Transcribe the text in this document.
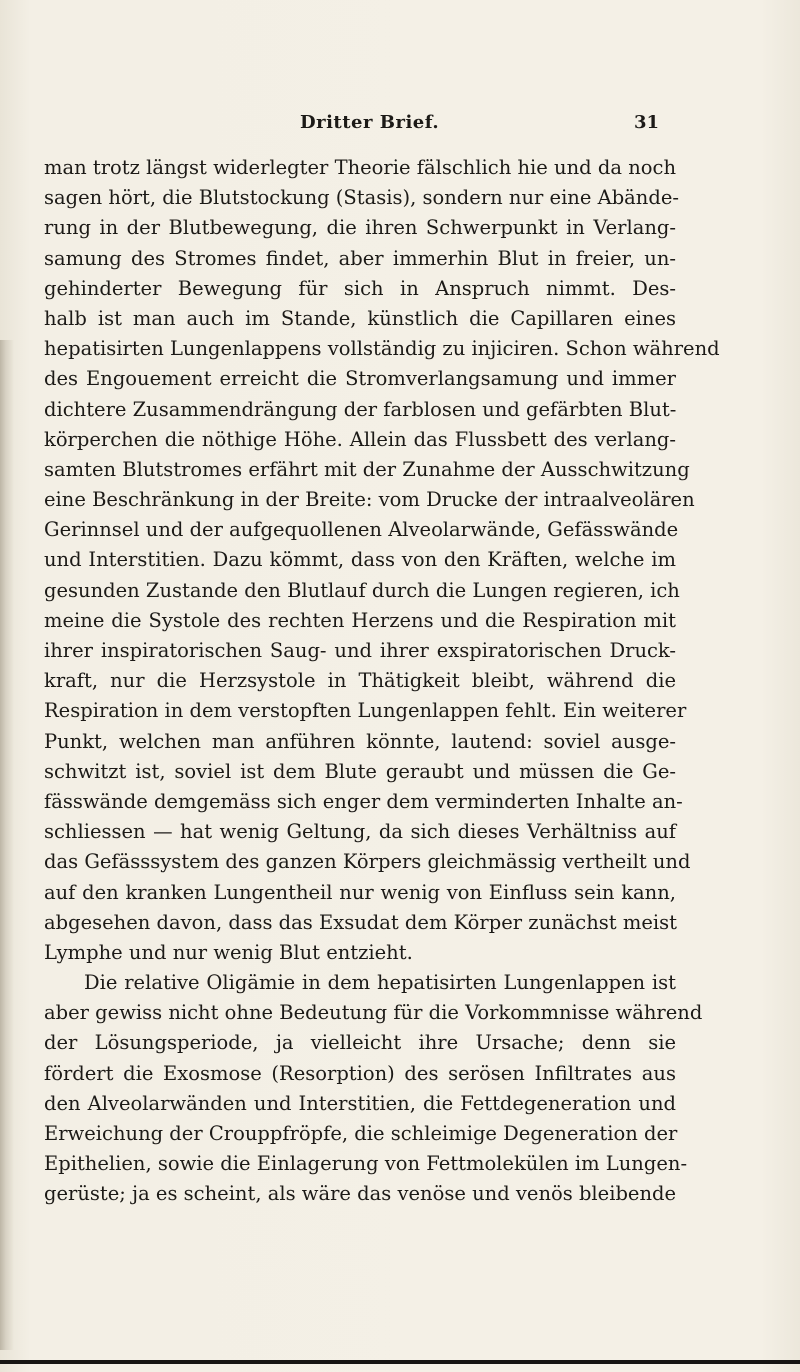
Dritter Brief.	31
man trotz längst widerlegter Theorie fälschlich hie und da noch
sagen hört, die Blutstockung (Stasis), sondern nur eine Abände-
rung in der Blutbewegung, die ihren Schwerpunkt in Verlang-
samung des Stromes findet, aber immerhin Blut in freier, un-
gehinderter Bewegung für sich in Anspruch nimmt. Des-
halb ist man auch im Stande, künstlich die Capillaren eines
hepatisirten Lungenlappens vollständig zu injiciren. Schon während
des Engouement erreicht die Stromverlangsamung und immer
dichtere Zusammendrängung der farblosen und gefärbten Blut-
körperchen die nöthige Höhe. Allein das Flussbett des verlang-
samten Blutstromes erfährt mit der Zunahme der Ausschwitzung
eine Beschränkung in der Breite: vom Drucke der intraalveolären
Gerinnsel und der aufgequollenen Alveolarwände, Gefässwände
und Interstitien. Dazu kömmt, dass von den Kräften, welche im
gesunden Zustande den Blutlauf durch die Lungen regieren, ich
meine die Systole des rechten Herzens und die Respiration mit
ihrer inspiratorischen Saug- und ihrer exspiratorischen Druck-
kraft, nur die Herzsystole in Thätigkeit bleibt, während die
Respiration in dem verstopften Lungenlappen fehlt. Ein weiterer
Punkt, welchen man anführen könnte, lautend: soviel ausge-
schwitzt ist, soviel ist dem Blute geraubt und müssen die Ge-
fässwände demgemäss sich enger dem verminderten Inhalte an-
schliessen — hat wenig Geltung, da sich dieses Verhältniss auf
das Gefässsystem des ganzen Körpers gleichmässig vertheilt und
auf den kranken Lungentheil nur wenig von Einfluss sein kann,
abgesehen davon, dass das Exsudat dem Körper zunächst meist
Lymphe und nur wenig Blut entzieht.
Die relative Oligämie in dem hepatisirten Lungenlappen ist
aber gewiss nicht ohne Bedeutung für die Vorkommnisse während
der Lösungsperiode, ja vielleicht ihre Ursache; denn sie
fördert die Exosmose (Resorption) des serösen Infiltrates aus
den Alveolarwänden und Interstitien, die Fettdegeneration und
Erweichung der Crouppfröpfe, die schleimige Degeneration der
Epithelien, sowie die Einlagerung von Fettmolekülen im Lungen-
gerüste; ja es scheint, als wäre das venöse und venös bleibende
